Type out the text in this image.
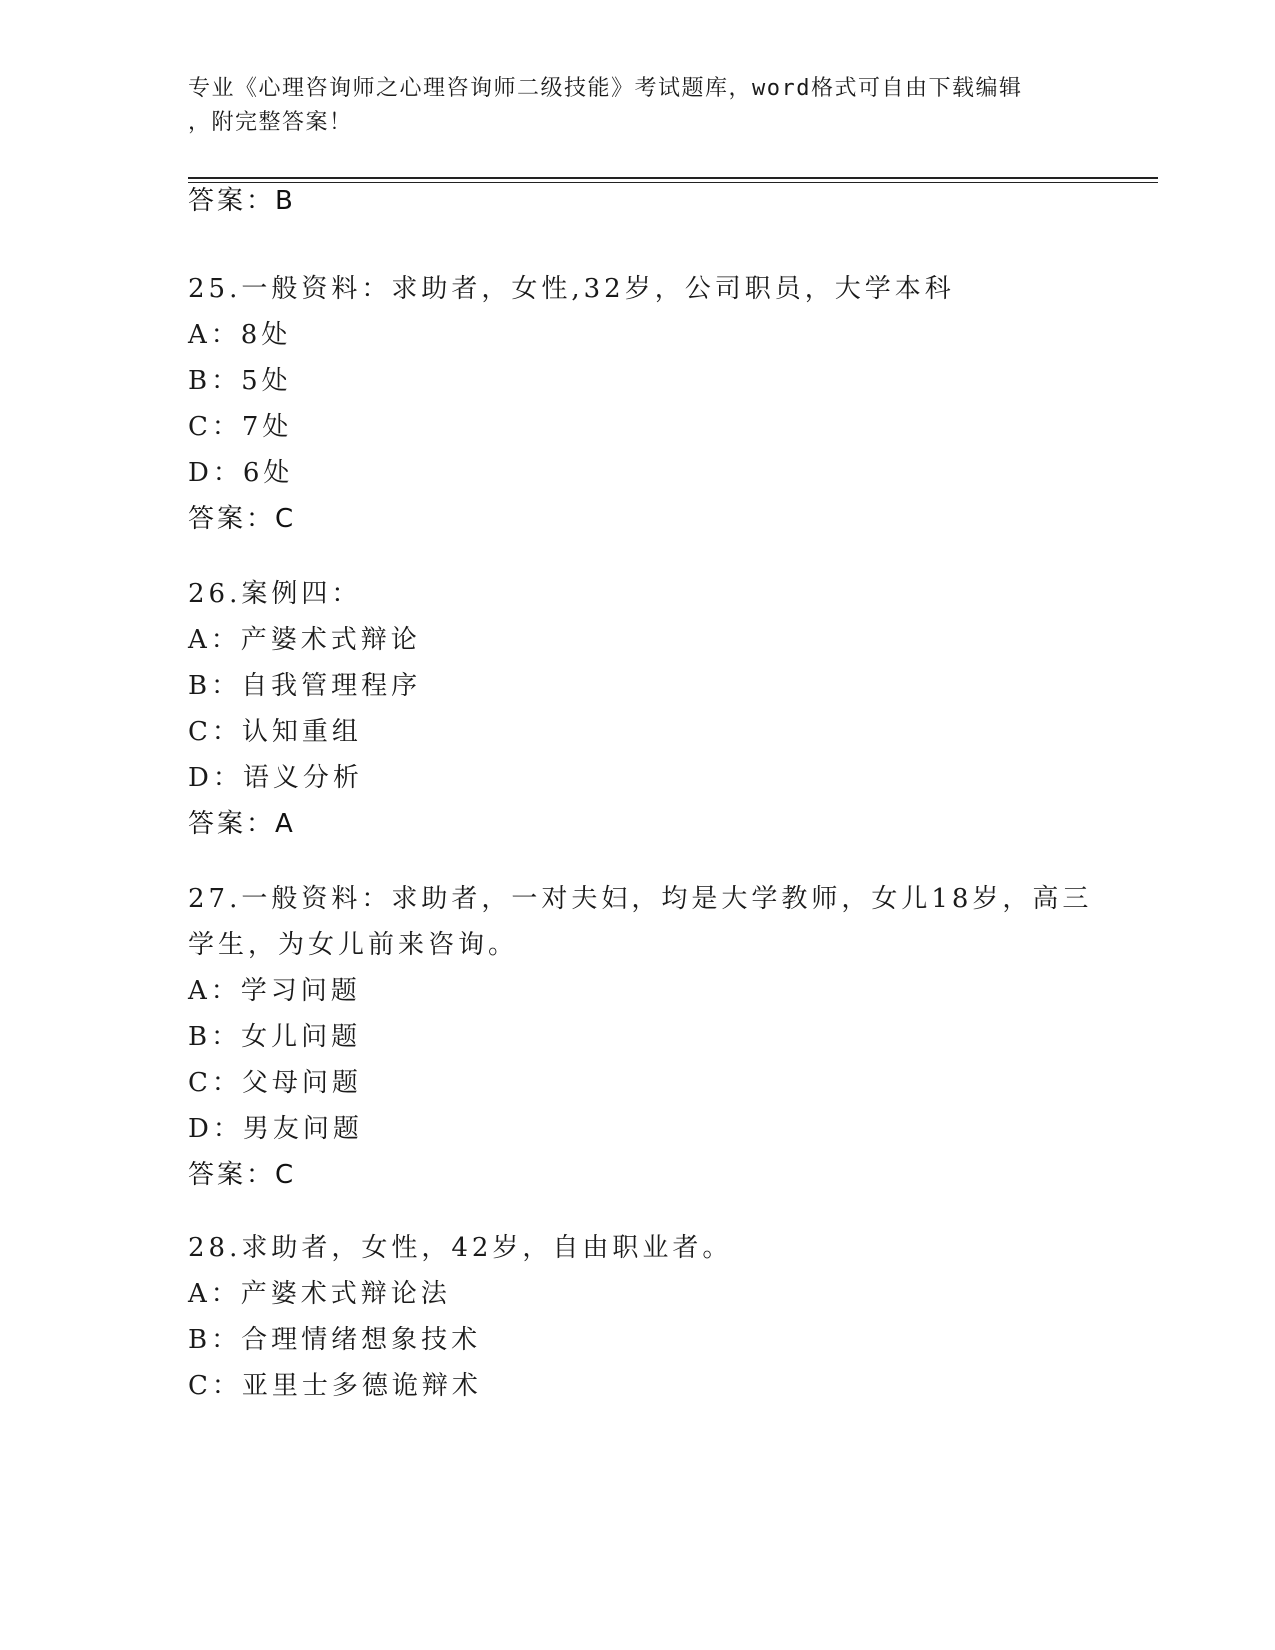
专业《心理咨询师之心理咨询师二级技能》考试题库，word格式可自由下载编辑
，附完整答案！
答案：B
25.一般资料：求助者，女性,32岁，公司职员，大学本科
A：8处
B：5处
C：7处
D：6处
答案：C
26.案例四：
A：产婆术式辩论
B：自我管理程序
C：认知重组
D：语义分析
答案：A
27.一般资料：求助者，一对夫妇，均是大学教师，女儿18岁，高三
学生，为女儿前来咨询。
A：学习问题
B：女儿问题
C：父母问题
D：男友问题
答案：C
28.求助者，女性，42岁，自由职业者。
A：产婆术式辩论法
B：合理情绪想象技术
C：亚里士多德诡辩术
